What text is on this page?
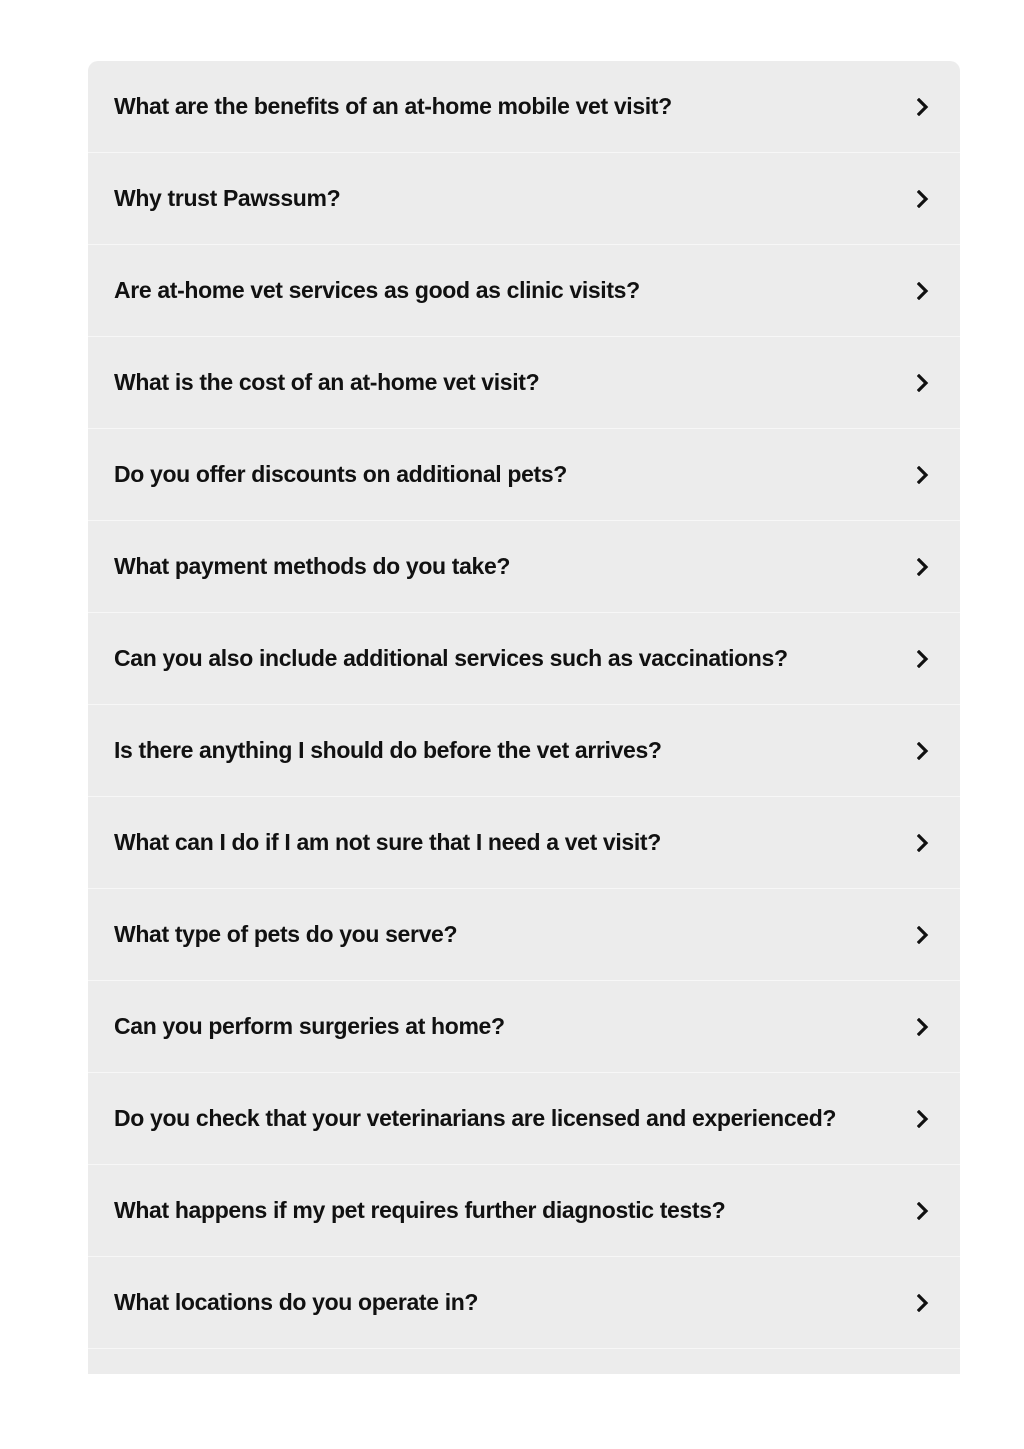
What are the benefits of an at-home mobile vet visit?
Why trust Pawssum?
Are at-home vet services as good as clinic visits?
What is the cost of an at-home vet visit?
Do you offer discounts on additional pets?
What payment methods do you take?
Can you also include additional services such as vaccinations?
Is there anything I should do before the vet arrives?
What can I do if I am not sure that I need a vet visit?
What type of pets do you serve?
Can you perform surgeries at home?
Do you check that your veterinarians are licensed and experienced?
What happens if my pet requires further diagnostic tests?
What locations do you operate in?
